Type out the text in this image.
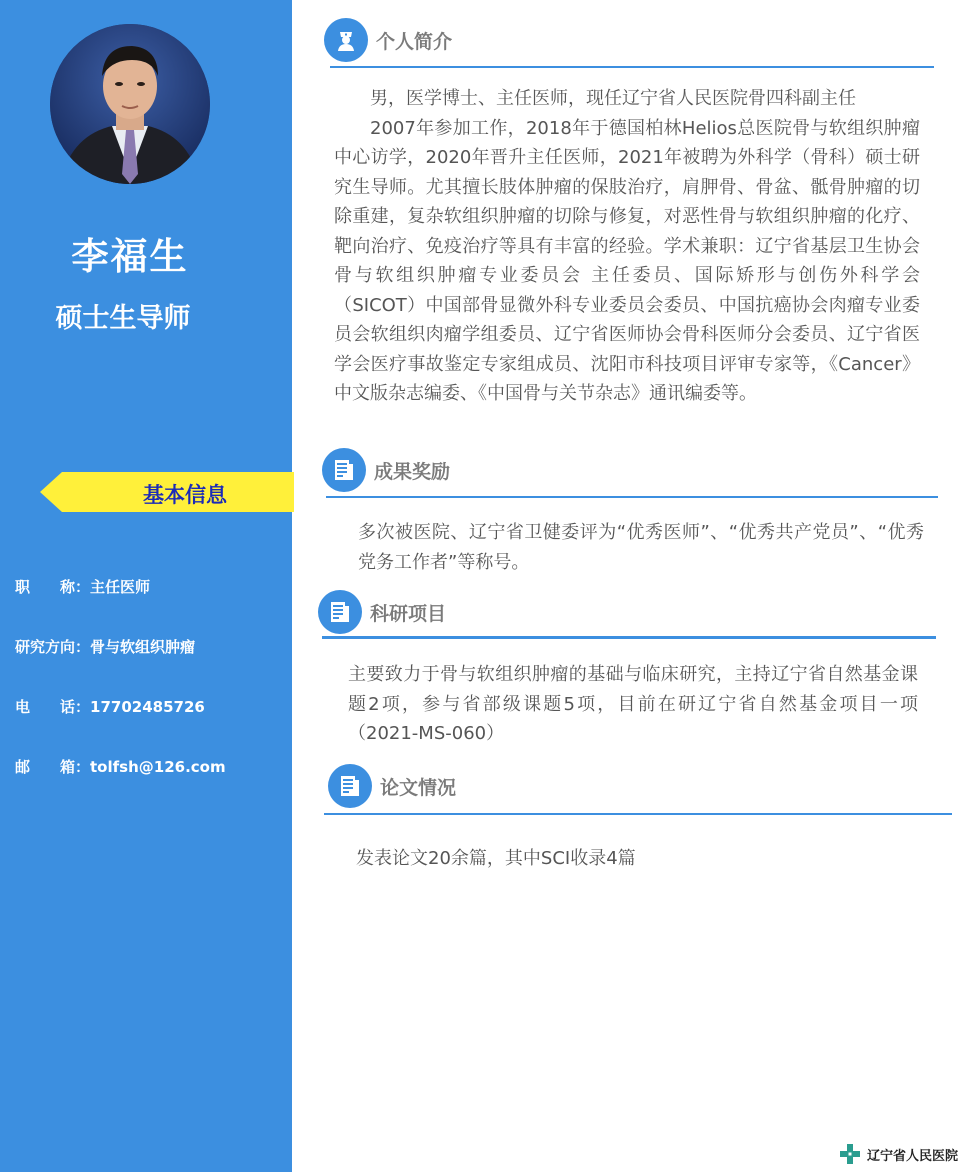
李福生
硕士生导师
基本信息
职　　称：主任医师
研究方向：骨与软组织肿瘤
电　　话：17702485726
邮　　箱：tolfsh@126.com
个人简介

男，医学博士、主任医师，现任辽宁省人民医院骨四科副主任

2007年参加工作，2018年于德国柏林Helios总医院骨与软组织肿瘤中心访学，2020年晋升主任医师，2021年被聘为外科学（骨科）硕士研究生导师。尤其擅长肢体肿瘤的保肢治疗，肩胛骨、骨盆、骶骨肿瘤的切除重建，复杂软组织肿瘤的切除与修复，对恶性骨与软组织肿瘤的化疗、靶向治疗、免疫治疗等具有丰富的经验。学术兼职：辽宁省基层卫生协会骨与软组织肿瘤专业委员会 主任委员、国际矫形与创伤外科学会（SICOT）中国部骨显微外科专业委员会委员、中国抗癌协会肉瘤专业委员会软组织肉瘤学组委员、辽宁省医师协会骨科医师分会委员、辽宁省医学会医疗事故鉴定专家组成员、沈阳市科技项目评审专家等，《Cancer》中文版杂志编委、《中国骨与关节杂志》通讯编委等。

成果奖励
多次被医院、辽宁省卫健委评为“优秀医师”、“优秀共产党员”、“优秀党务工作者”等称号。
科研项目
主要致力于骨与软组织肿瘤的基础与临床研究，主持辽宁省自然基金课题2项，参与省部级课题5项，目前在研辽宁省自然基金项目一项（2021-MS-060）
论文情况
发表论文20余篇，其中SCI收录4篇
辽宁省人民医院
